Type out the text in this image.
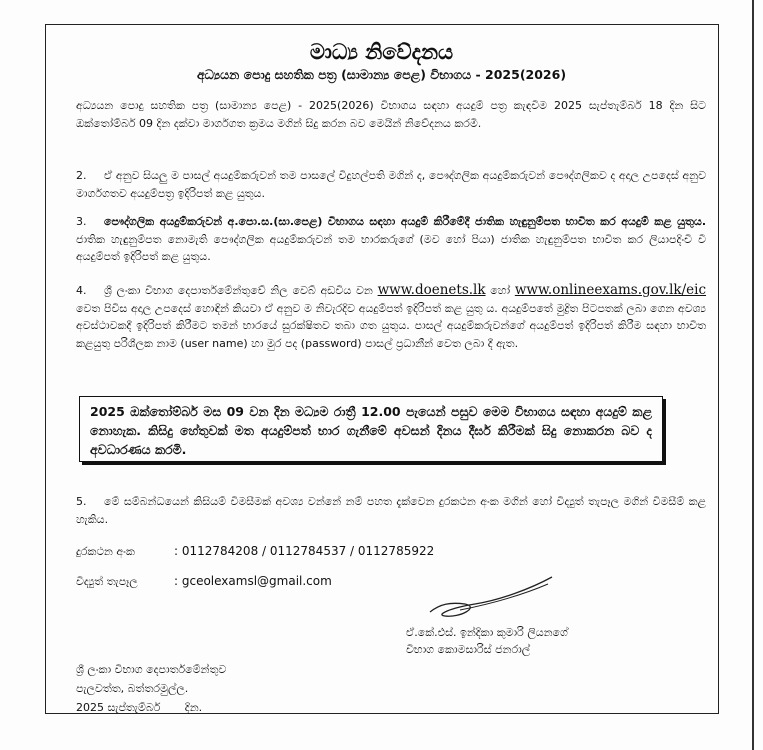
මාධ්‍ය නිවේදනය
අධ්‍යයන පොදු සහතික පත්‍ර (සාමාන්‍ය පෙළ) විභාගය - 2025(2026)
අධ්‍යයන පොදු සහතික පත්‍ර (සාමාන්‍ය පෙළ) - 2025(2026) විභාගය සඳහා අයදුම් පත්‍ර කැඳවීම 2025 සැප්තැම්බර් 18 දින සිට ඔක්තෝම්බර් 09 දින දක්වා මාර්ගගත ක්‍රමය මගින් සිදු කරන බව මෙයින් නිවේදනය කරමි.
2. ඒ අනුව සියලු ම පාසල් අයදුම්කරුවන් තම පාසලේ විදුහල්පති මගින් ද, පෞද්ගලික අයදුම්කරුවන් පෞද්ගලිකව ද අදාල උපදෙස් අනුව මාර්ගගතව අයදුම්පත්‍ර ඉදිරිපත් කළ යුතුය.
3. පෞද්ගලික අයදුම්කරුවන් අ.පො.ස.(සා.පෙළ) විභාගය සඳහා අයදුම් කිරීමේදී ජාතික හැඳුනුම්පත භාවිත කර අයදුම් කළ යුතුය. ජාතික හැඳුනුම්පත නොමැති පෞද්ගලික අයදුම්කරුවන් තම භාරකරුගේ (මව හෝ පියා) ජාතික හැඳුනුම්පත භාවිත කර ලියාපදිංචි වී අයදුම්පත් ඉදිරිපත් කළ යුතුය.
4. ශ්‍රී ලංකා විභාග දෙපාර්තමේන්තුවේ නිල වෙබ් අඩවිය වන www.doenets.lk හෝ www.onlineexams.gov.lk/eic වෙත පිවිස අදාල උපදෙස් හොඳින් කියවා ඒ අනුව ම නිවැරදිව අයදුම්පත් ඉදිරිපත් කළ යුතු ය. අයදුම්පතේ මුද්‍රිත පිටපතක් ලබා ගෙන අවශ්‍ය අවස්ථාවකදී ඉදිරිපත් කිරීමට තමන් භාරයේ සුරක්ෂිතව තබා ගත යුතුය. පාසල් අයදුම්කරුවන්ගේ අයදුම්පත් ඉදිරිපත් කිරීම සඳහා භාවිත කළයුතු පරිශීලක නාම (user name) හා මුර පද (password) පාසල් ප්‍රධානීන් වෙත ලබා දී ඇත.
2025 ඔක්තෝම්බර් මස 09 වන දින මධ්‍යම රාත්‍රී 12.00 පැයෙන් පසුව මෙම විභාගය සඳහා අයදුම් කළ නොහැක. කිසිදු හේතුවක් මත අයදුම්පත් භාර ගැනීමේ අවසන් දිනය දීර්ඝ කිරීමක් සිදු නොකරන බව ද අවධාරණය කරමි.
5. මේ සම්බන්ධයෙන් කිසියම් විමසීමක් අවශ්‍ය වන්නේ නම් පහත දැක්වෙන දුරකථන අංක මගින් හෝ විද්‍යුත් තැපෑල මගින් විමසීම් කළ හැකිය.
දුරකථන අංක	: 0112784208 / 0112784537 / 0112785922
විද්‍යුත් තැපෑල	: gceolexamsl@gmail.com
ඒ.කේ.එස්. ඉන්දිකා කුමාරි ලියනගේ
විභාග කොමසාරිස් ජනරාල්
ශ්‍රී ලංකා විභාග දෙපාර්තමේන්තුව
පැලවත්ත, බත්තරමුල්ල.
2025 සැප්තැම්බර්       දින.
